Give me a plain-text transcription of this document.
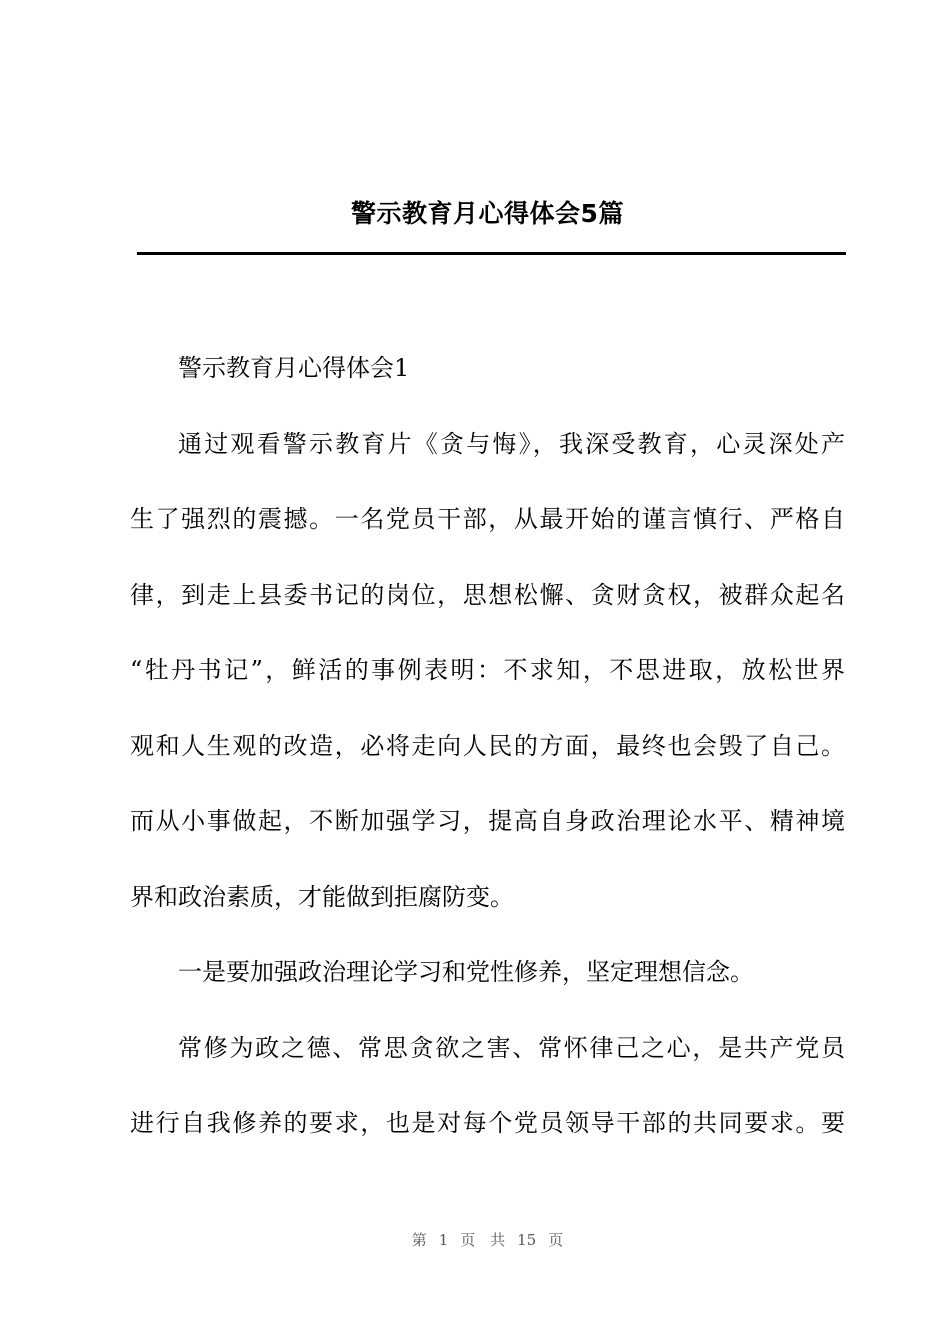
警示教育月心得体会5篇
警示教育月心得体会1
通过观看警示教育片《贪与悔》，我深受教育，心灵深处产
生了强烈的震撼。一名党员干部，从最开始的谨言慎行、严格自
律，到走上县委书记的岗位，思想松懈、贪财贪权，被群众起名
“牡丹书记”，鲜活的事例表明：不求知，不思进取，放松世界
观和人生观的改造，必将走向人民的方面，最终也会毁了自己。
而从小事做起，不断加强学习，提高自身政治理论水平、精神境
界和政治素质，才能做到拒腐防变。
一是要加强政治理论学习和党性修养，坚定理想信念。
常修为政之德、常思贪欲之害、常怀律己之心，是共产党员
进行自我修养的要求，也是对每个党员领导干部的共同要求。要
第 1 页 共 15 页
